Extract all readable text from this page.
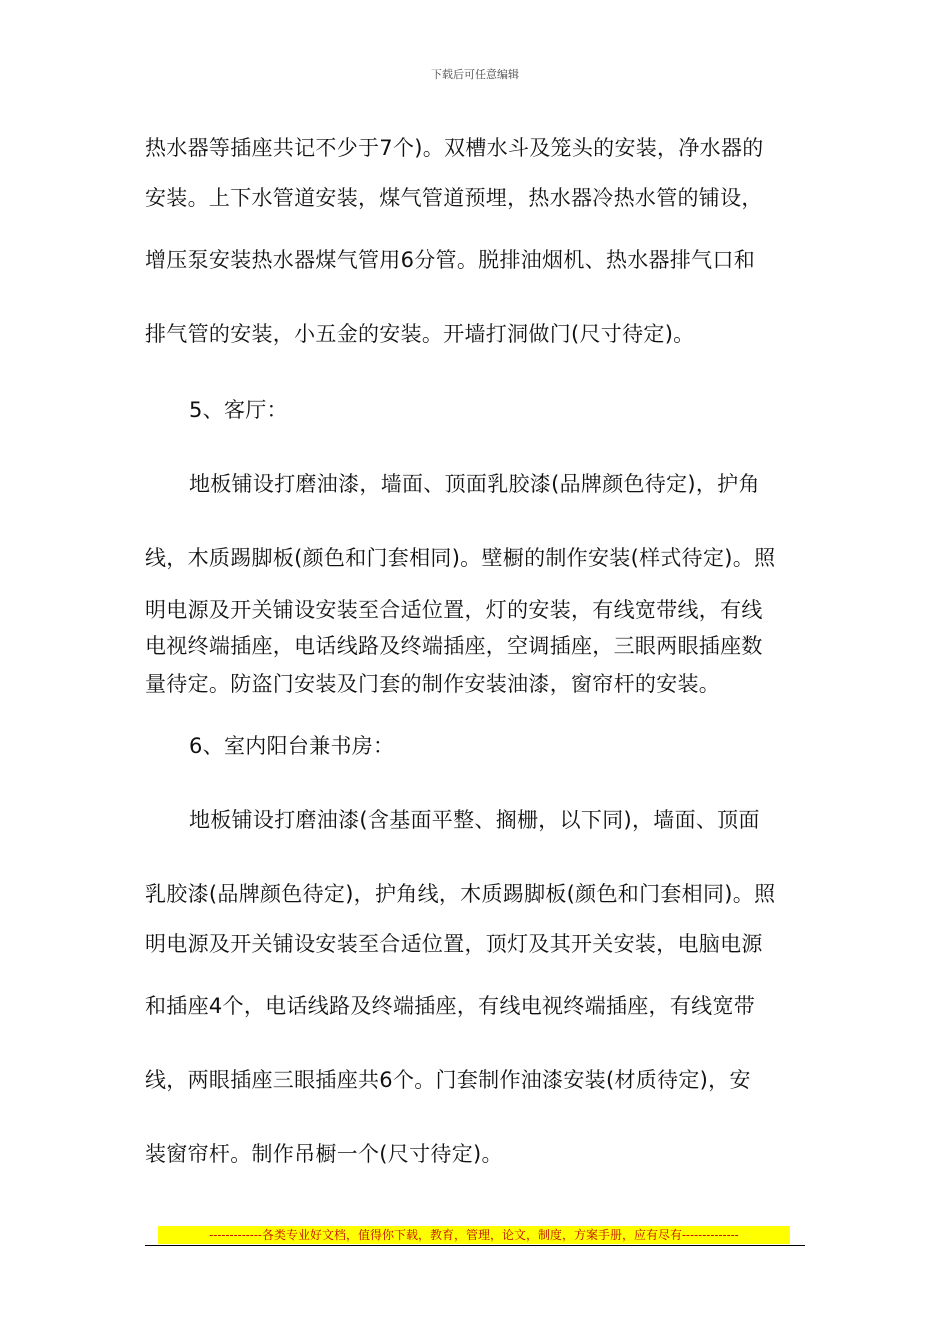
下载后可任意编辑
热水器等插座共记不少于7个)。双槽水斗及笼头的安装，净水器的
安装。上下水管道安装，煤气管道预埋，热水器冷热水管的铺设，
增压泵安装热水器煤气管用6分管。脱排油烟机、热水器排气口和
排气管的安装，小五金的安装。开墙打洞做门(尺寸待定)。
5、客厅：
地板铺设打磨油漆，墙面、顶面乳胶漆(品牌颜色待定)，护角
线，木质踢脚板(颜色和门套相同)。壁橱的制作安装(样式待定)。照
明电源及开关铺设安装至合适位置，灯的安装，有线宽带线，有线
电视终端插座，电话线路及终端插座，空调插座，三眼两眼插座数
量待定。防盗门安装及门套的制作安装油漆，窗帘杆的安装。
6、室内阳台兼书房：
地板铺设打磨油漆(含基面平整、搁栅，以下同)，墙面、顶面
乳胶漆(品牌颜色待定)，护角线，木质踢脚板(颜色和门套相同)。照
明电源及开关铺设安装至合适位置，顶灯及其开关安装，电脑电源
和插座4个，电话线路及终端插座，有线电视终端插座，有线宽带
线，两眼插座三眼插座共6个。门套制作油漆安装(材质待定)，安
装窗帘杆。制作吊橱一个(尺寸待定)。
-------------各类专业好文档，值得你下载，教育，管理，论文，制度，方案手册，应有尽有--------------
